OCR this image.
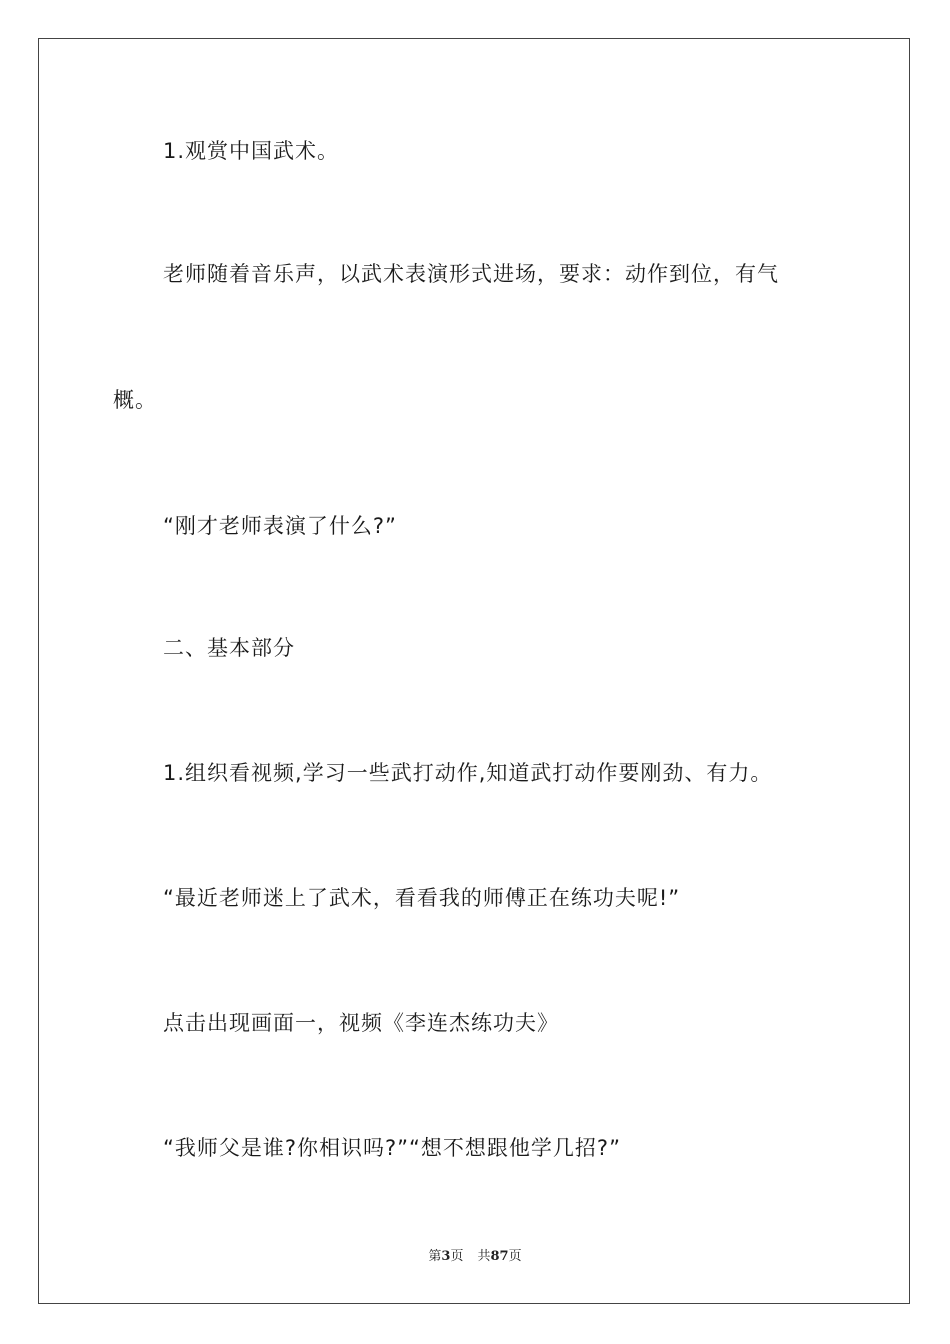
1.观赏中国武术。

老师随着音乐声，以武术表演形式进场，要求：动作到位，有气

概。

“刚才老师表演了什么?”

二、基本部分

1.组织看视频,学习一些武打动作,知道武打动作要刚劲、有力。

“最近老师迷上了武术，看看我的师傅正在练功夫呢!”

点击出现画面一，视频《李连杰练功夫》

“我师父是谁?你相识吗?”“想不想跟他学几招?”

第3页 共87页
